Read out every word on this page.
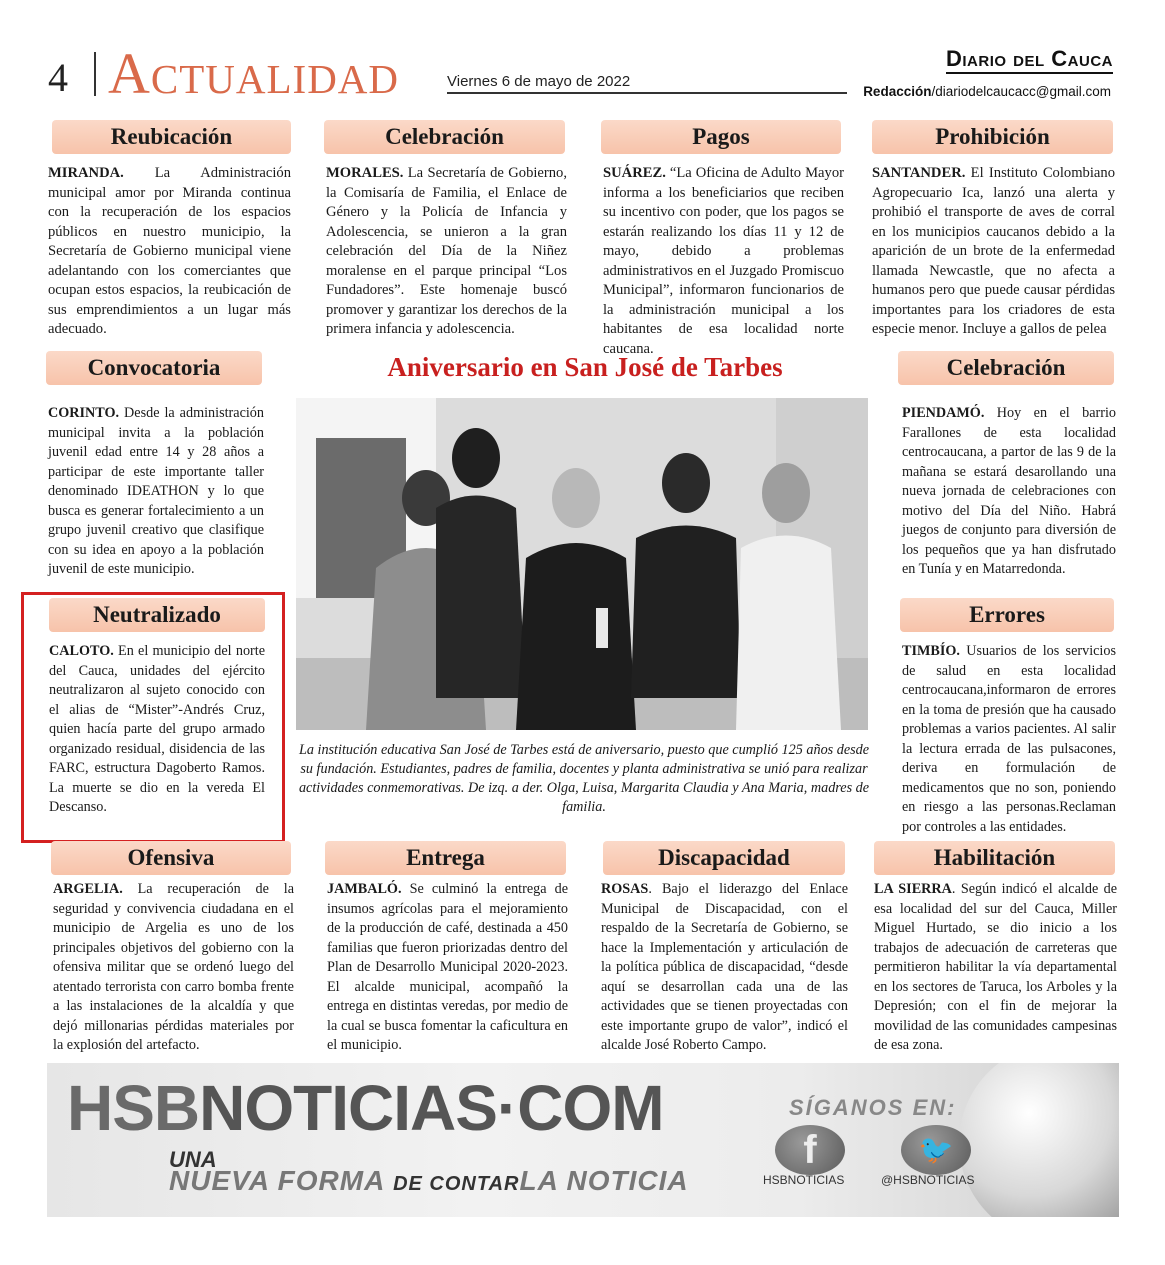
4 Actualidad	Viernes 6 de mayo de 2022
Diario del Cauca
Redacción/diariodelcaucacc@gmail.com
Reubicación
MIRANDA. La Administración municipal amor por Miranda continua con la recuperación de los espacios públicos en nuestro municipio, la Secretaría de Gobierno municipal viene adelantando con los comerciantes que ocupan estos espacios, la reubicación de sus emprendimientos a un lugar más adecuado.
Celebración
MORALES. La Secretaría de Gobierno, la Comisaría de Familia, el Enlace de Género y la Policía de Infancia y Adolescencia, se unieron a la gran celebración del Día de la Niñez moralense en el parque principal “Los Fundadores”. Este homenaje buscó promover y garantizar los derechos de la primera infancia y adolescencia.
Pagos
SUÁREZ. “La Oficina de Adulto Mayor informa a los beneficiarios que reciben su incentivo con poder, que los pagos se estarán realizando los días 11 y 12 de mayo, debido a problemas administrativos en el Juzgado Promiscuo Municipal”, informaron funcionarios de la administración municipal a los habitantes de esa localidad norte caucana.
Prohibición
SANTANDER. El Instituto Colombiano Agropecuario Ica, lanzó una alerta y prohibió el transporte de aves de corral en los municipios caucanos debido a la aparición de un brote de la enfermedad llamada Newcastle, que no afecta a humanos pero que puede causar pérdidas importantes para los criadores de esta especie menor. Incluye a gallos de pelea
Convocatoria
CORINTO. Desde la administración municipal invita a la población juvenil edad entre 14 y 28 años a participar de este importante taller denominado IDEATHON y lo que busca es generar fortalecimiento a un grupo juvenil creativo que clasifique con su idea en apoyo a la población juvenil de este municipio.
Celebración
PIENDAMÓ. Hoy en el barrio Farallones de esta localidad centrocaucana, a partor de las 9 de la mañana se estará desarollando una nueva jornada de celebraciones con motivo del Día del Niño. Habrá juegos de conjunto para diversión de los pequeños que ya han disfrutado en Tunía y en Matarredonda.
Neutralizado
CALOTO. En el municipio del norte del Cauca, unidades del ejército neutralizaron al sujeto conocido con el alias de “Mister”-Andrés Cruz, quien hacía parte del grupo armado organizado residual, disidencia de las FARC, estructura Dagoberto Ramos. La muerte se dio en la vereda El Descanso.
Errores
TIMBÍO. Usuarios de los servicios de salud en esta localidad centrocaucana,informaron de errores en la toma de presión que ha causado problemas a varios pacientes. Al salir la lectura errada de las pulsacones, deriva en formulación de medicamentos que no son, poniendo en riesgo a las personas.Reclaman por controles a las entidades.
Aniversario en San José de Tarbes
La institución educativa San José de Tarbes está de aniversario, puesto que cumplió 125 años desde su fundación. Estudiantes, padres de familia, docentes y planta administrativa se unió para realizar actividades conmemorativas. De izq. a der. Olga, Luisa, Margarita Claudia y Ana Maria, madres de familia.
Ofensiva
ARGELIA. La recuperación de la seguridad y convivencia ciudadana en el municipio de Argelia es uno de los principales objetivos del gobierno con la ofensiva militar que se ordenó luego del atentado terrorista con carro bomba frente a las instalaciones de la alcaldía y que dejó millonarias pérdidas materiales por la explosión del artefacto.
Entrega
JAMBALÓ. Se culminó la entrega de insumos agrícolas para el mejoramiento de la producción de café, destinada a 450 familias que fueron priorizadas dentro del Plan de Desarrollo Municipal 2020-2023. El alcalde municipal, acompañó la entrega en distintas veredas, por medio de la cual se busca fomentar la caficultura en el municipio.
Discapacidad
ROSAS. Bajo el liderazgo del Enlace Municipal de Discapacidad, con el respaldo de la Secretaría de Gobierno, se hace la Implementación y articulación de la política pública de discapacidad, “desde aquí se desarrollan cada una de las actividades que se tienen proyectadas con este importante grupo de valor”, indicó el alcalde José Roberto Campo.
Habilitación
LA SIERRA. Según indicó el alcalde de esa localidad del sur del Cauca, Miller Miguel Hurtado, se dio inicio a los trabajos de adecuación de carreteras que permitieron habilitar la vía departamental en los sectores de Taruca, los Arboles y la Depresión; con el fin de mejorar la movilidad de las comunidades campesinas de esa zona.
HSBNOTICIAS·COM
UNA
NUEVA FORMA DE CONTARLA NOTICIA
SÍGANOS EN:
f	🐦
HSBNOTICIAS	@HSBNOTICIAS
